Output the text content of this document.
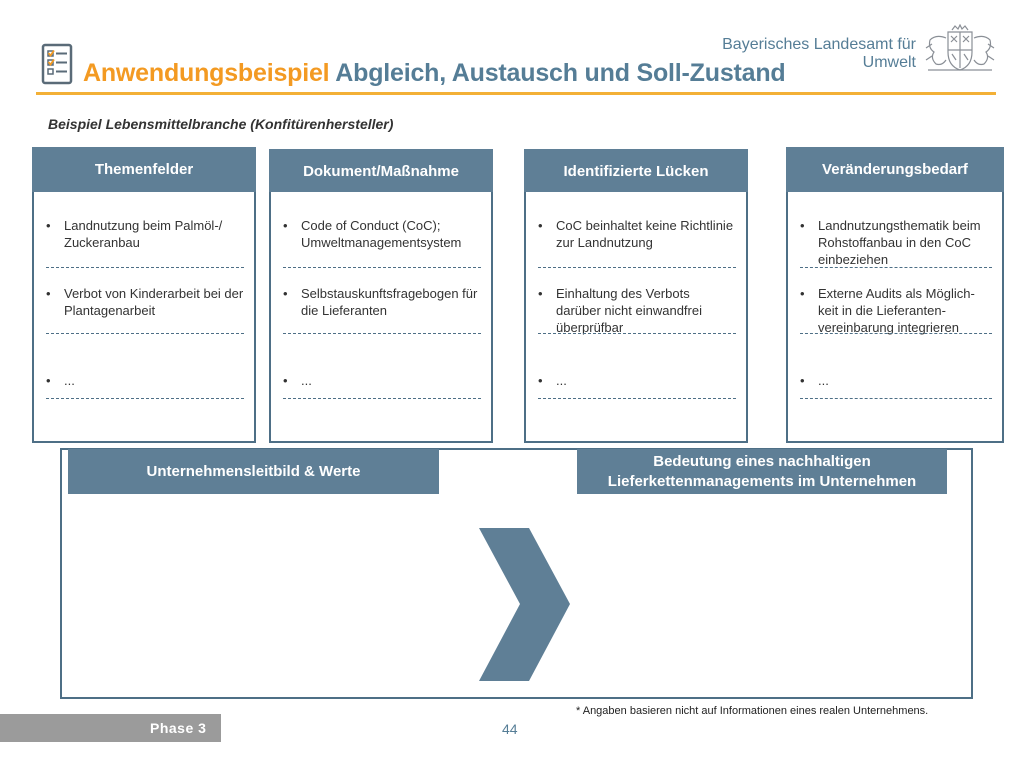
Anwendungsbeispiel Abgleich, Austausch und Soll-Zustand
Bayerisches Landesamt für
Umwelt
Beispiel Lebensmittelbranche (Konfitürenhersteller)
Themenfelder
• Landnutzung beim Palmöl-/ Zuckeranbau
• Verbot von Kinderarbeit bei der Plantagenarbeit
• ...
Dokument/Maßnahme
• Code of Conduct (CoC); Umweltmanagementsystem
• Selbstauskunftsfragebogen für die Lieferanten
• ...
Identifizierte Lücken
• CoC beinhaltet keine Richtlinie zur Landnutzung
• Einhaltung des Verbots darüber nicht einwandfrei überprüfbar
• ...
Veränderungsbedarf
• Landnutzungsthematik beim Rohstoffanbau in den CoC einbeziehen
• Externe Audits als Möglich-keit in die Lieferanten-vereinbarung integrieren
• ...
Unternehmensleitbild & Werte
Bedeutung eines nachhaltigen Lieferkettenmanagements im Unternehmen
* Angaben basieren nicht auf Informationen eines realen Unternehmens.
Phase 3	44
